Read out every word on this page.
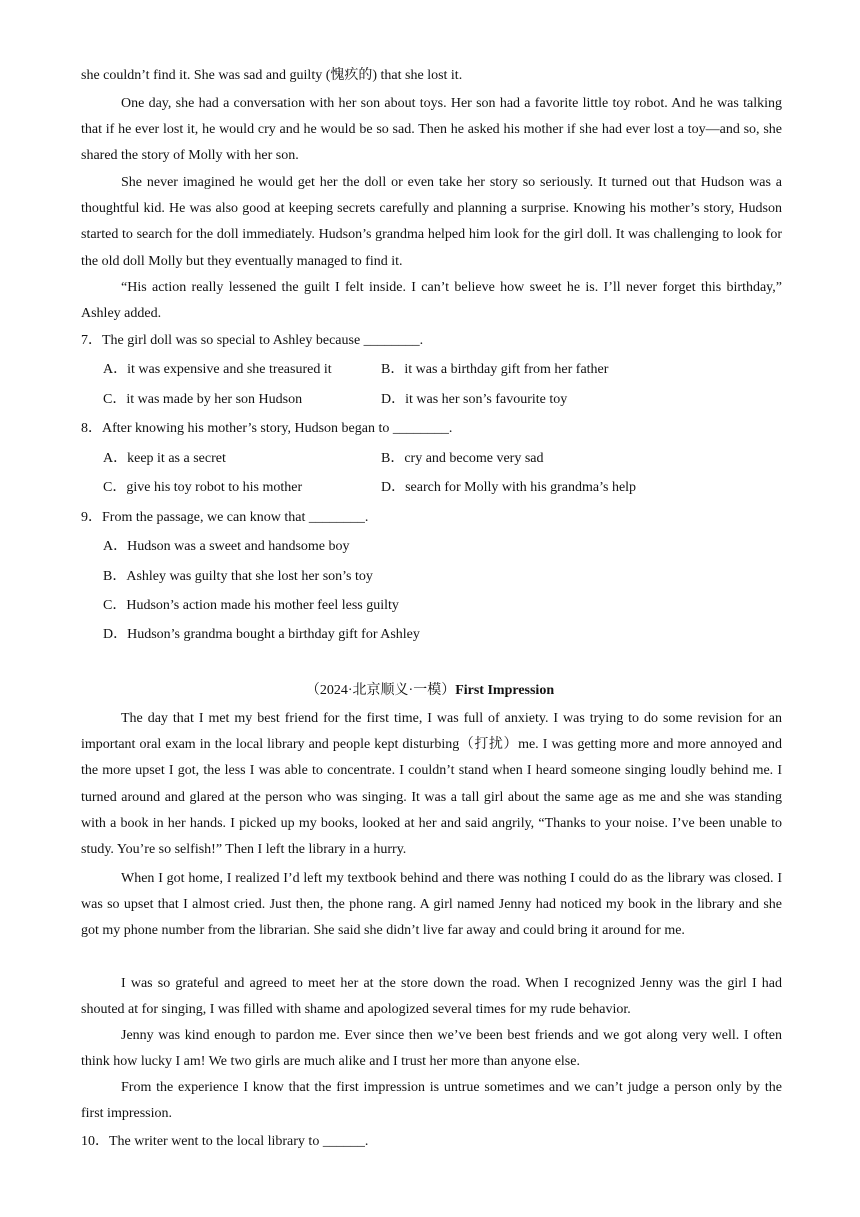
she couldn’t find it. She was sad and guilty (愧疚的) that she lost it.

One day, she had a conversation with her son about toys. Her son had a favorite little toy robot. And he was talking that if he ever lost it, he would cry and he would be so sad. Then he asked his mother if she had ever lost a toy—and so, she shared the story of Molly with her son.

She never imagined he would get her the doll or even take her story so seriously. It turned out that Hudson was a thoughtful kid. He was also good at keeping secrets carefully and planning a surprise. Knowing his mother’s story, Hudson started to search for the doll immediately. Hudson’s grandma helped him look for the girl doll. It was challenging to look for the old doll Molly but they eventually managed to find it.

“His action really lessened the guilt I felt inside. I can’t believe how sweet he is. I’ll never forget this birthday,” Ashley added.

7．The girl doll was so special to Ashley because ________.
A．it was expensive and she treasured it	B．it was a birthday gift from her father
C．it was made by her son Hudson	D．it was her son’s favourite toy
8．After knowing his mother’s story, Hudson began to ________.
A．keep it as a secret	B．cry and become very sad
C．give his toy robot to his mother	D．search for Molly with his grandma’s help
9．From the passage, we can know that ________.
A．Hudson was a sweet and handsome boy
B．Ashley was guilty that she lost her son’s toy
C．Hudson’s action made his mother feel less guilty
D．Hudson’s grandma bought a birthday gift for Ashley
（2024·北京顺义·一模）First Impression

The day that I met my best friend for the first time, I was full of anxiety. I was trying to do some revision for an important oral exam in the local library and people kept disturbing（打扰）me. I was getting more and more annoyed and the more upset I got, the less I was able to concentrate. I couldn’t stand when I heard someone singing loudly behind me. I turned around and glared at the person who was singing. It was a tall girl about the same age as me and she was standing with a book in her hands. I picked up my books, looked at her and said angrily, “Thanks to your noise. I’ve been unable to study. You’re so selfish!” Then I left the library in a hurry.

When I got home, I realized I’d left my textbook behind and there was nothing I could do as the library was closed. I was so upset that I almost cried. Just then, the phone rang. A girl named Jenny had noticed my book in the library and she got my phone number from the librarian. She said she didn’t live far away and could bring it around for me.

I was so grateful and agreed to meet her at the store down the road. When I recognized Jenny was the girl I had shouted at for singing, I was filled with shame and apologized several times for my rude behavior.

Jenny was kind enough to pardon me. Ever since then we’ve been best friends and we got along very well. I often think how lucky I am! We two girls are much alike and I trust her more than anyone else.

From the experience I know that the first impression is untrue sometimes and we can’t judge a person only by the first impression.

10．The writer went to the local library to ______.
